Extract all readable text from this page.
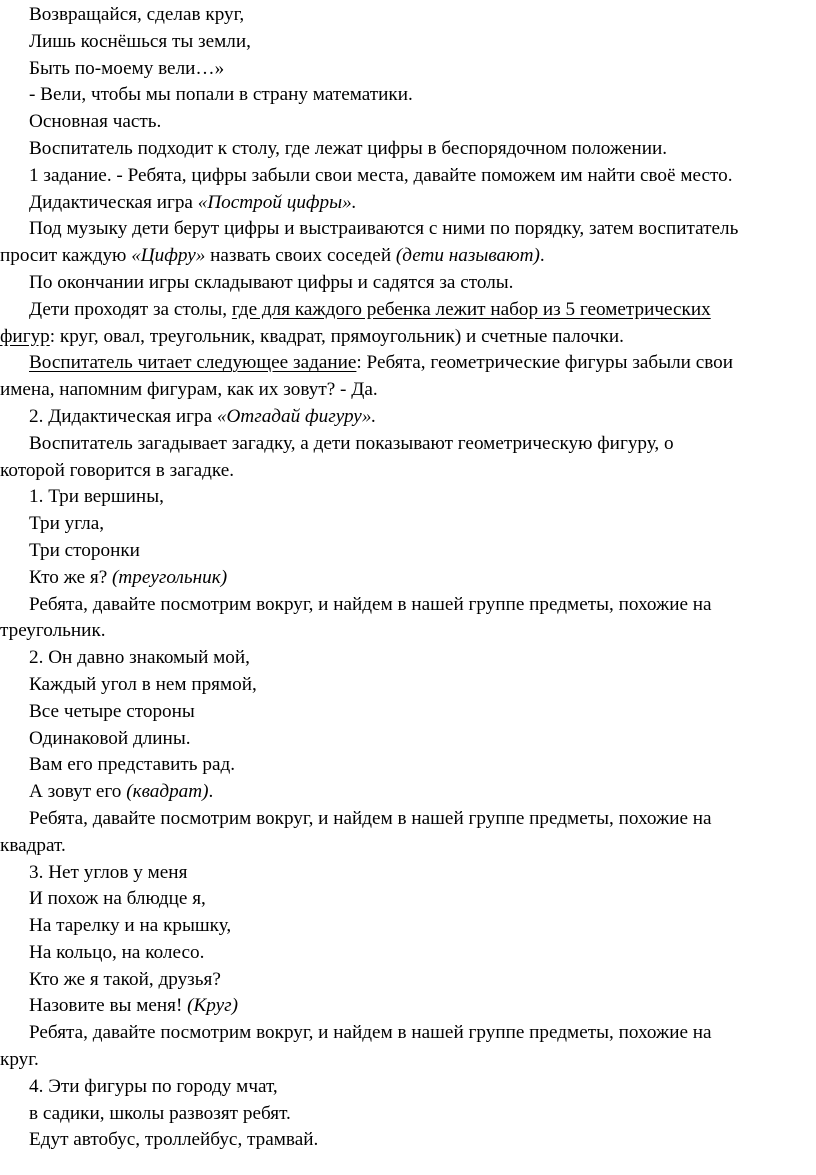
Возвращайся, сделав круг,

Лишь коснёшься ты земли,

Быть по-моему вели…»

- Вели, чтобы мы попали в страну математики.

Основная часть.

Воспитатель подходит к столу, где лежат цифры в беспорядочном положении.

1 задание. - Ребята, цифры забыли свои места, давайте поможем им найти своё место.

Дидактическая игра «Построй цифры».

Под музыку дети берут цифры и выстраиваются с ними по порядку, затем воспитатель

просит каждую «Цифру» назвать своих соседей (дети называют).

По окончании игры складывают цифры и садятся за столы.

Дети проходят за столы, где для каждого ребенка лежит набор из 5 геометрических

фигур: круг, овал, треугольник, квадрат, прямоугольник) и счетные палочки.

Воспитатель читает следующее задание: Ребята, геометрические фигуры забыли свои

имена, напомним фигурам, как их зовут? - Да.

2. Дидактическая игра «Отгадай фигуру».

Воспитатель загадывает загадку, а дети показывают геометрическую фигуру, о

которой говорится в загадке.

1. Три вершины,

Три угла,

Три сторонки

Кто же я? (треугольник)

Ребята, давайте посмотрим вокруг, и найдем в нашей группе предметы, похожие на

треугольник.

2. Он давно знакомый мой,

Каждый угол в нем прямой,

Все четыре стороны

Одинаковой длины.

Вам его представить рад.

А зовут его (квадрат).

Ребята, давайте посмотрим вокруг, и найдем в нашей группе предметы, похожие на

квадрат.

3. Нет углов у меня

И похож на блюдце я,

На тарелку и на крышку,

На кольцо, на колесо.

Кто же я такой, друзья?

Назовите вы меня! (Круг)

Ребята, давайте посмотрим вокруг, и найдем в нашей группе предметы, похожие на

круг.

4. Эти фигуры по городу мчат,

в садики, школы развозят ребят.

Едут автобус, троллейбус, трамвай.
